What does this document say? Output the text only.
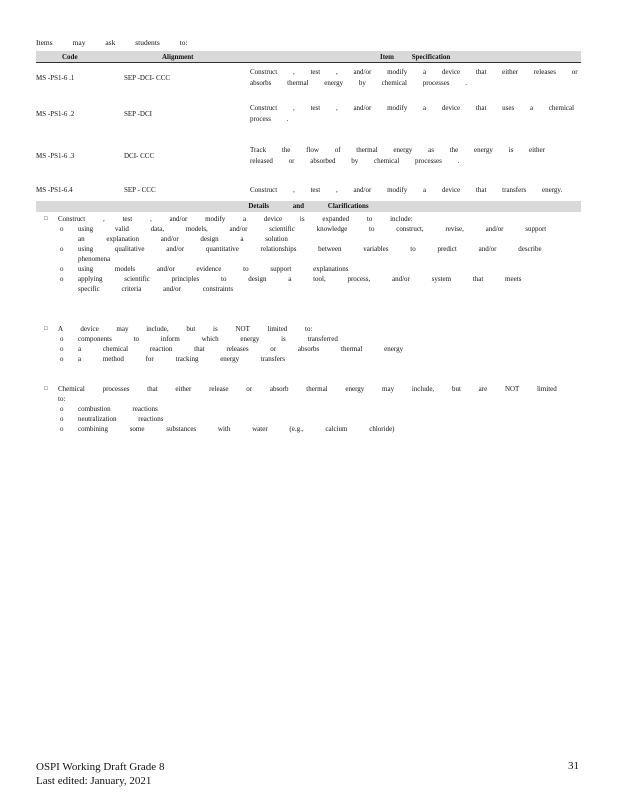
Items may ask students to:
Code	Alignment	Item Specification
MS -PS1-6 .1	SEP -DCI- CCC	Construct , test , and/or modify a device that either releases or absorbs thermal energy by chemical processes .
MS -PS1-6 .2	SEP -DCI	Construct , test , and/or modify a device that uses a chemical process .
MS -PS1-6 .3	DCI- CCC	Track the flow of thermal energy as the energy is either released or absorbed by chemical processes .
MS -PS1-6.4	SEP - CCC	Construct , test , and/or modify a device that transfers energy.
Details and Clarifications
□	Construct , test , and/or modify a device is expanded to include:
o	using valid data, models, and/or scientific knowledge to construct, revise, and/or support an explanation and/or design a solution
o	using qualitative and/or quantitative relationships between variables to predict and/or describe phenomena
o	using models and/or evidence to support explanations
o	applying scientific principles to design a tool, process, and/or system that meets specific criteria and/or constraints
□	A device may include, but is NOT limited to:
o	components to inform which energy is transferred
o	a chemical reaction that releases or absorbs thermal energy
o	a method for tracking energy transfers
□	Chemical processes that either release or absorb thermal energy may include, but are NOT limited to:
o	combustion reactions
o	neutralization reactions
o	combining some substances with water (e.g., calcium chloride)
OSPI Working Draft Grade 8
Last edited: January, 2021
31
